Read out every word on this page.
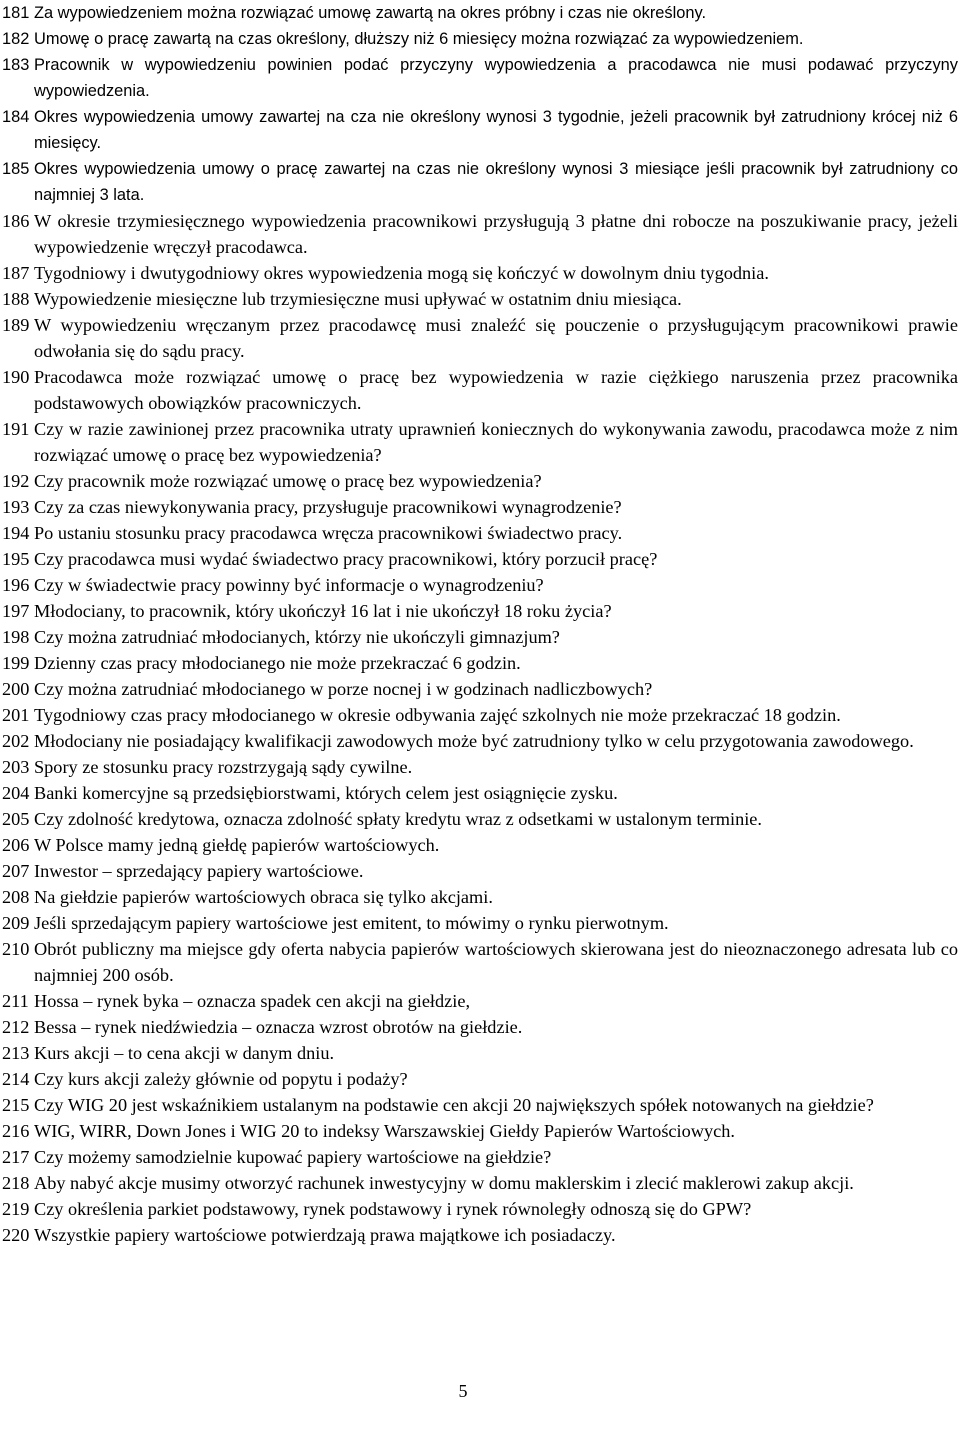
181 Za wypowiedzeniem można rozwiązać umowę zawartą na okres próbny i czas nie określony.
182 Umowę o pracę zawartą na czas określony, dłuższy niż 6 miesięcy można rozwiązać za wypowiedzeniem.
183 Pracownik w wypowiedzeniu powinien podać przyczyny wypowiedzenia a pracodawca nie musi podawać przyczyny wypowiedzenia.
184 Okres wypowiedzenia umowy zawartej na cza nie określony wynosi 3 tygodnie, jeżeli pracownik był zatrudniony krócej niż 6 miesięcy.
185 Okres wypowiedzenia umowy o pracę zawartej na czas nie określony wynosi 3 miesiące jeśli pracownik był zatrudniony co najmniej 3 lata.
186 W okresie trzymiesięcznego wypowiedzenia pracownikowi przysługują 3 płatne dni robocze na poszukiwanie pracy, jeżeli wypowiedzenie wręczył pracodawca.
187 Tygodniowy i dwutygodniowy okres wypowiedzenia mogą się kończyć w dowolnym dniu tygodnia.
188 Wypowiedzenie miesięczne lub trzymiesięczne musi upływać w ostatnim dniu miesiąca.
189 W wypowiedzeniu wręczanym przez pracodawcę musi znaleźć się pouczenie o przysługującym pracownikowi prawie odwołania się do sądu pracy.
190 Pracodawca może rozwiązać umowę o pracę bez wypowiedzenia w razie ciężkiego naruszenia przez pracownika podstawowych obowiązków pracowniczych.
191 Czy w razie zawinionej przez pracownika utraty uprawnień koniecznych do wykonywania zawodu, pracodawca może z nim rozwiązać umowę o pracę bez wypowiedzenia?
192 Czy pracownik może rozwiązać umowę o pracę bez wypowiedzenia?
193 Czy za czas niewykonywania pracy, przysługuje pracownikowi wynagrodzenie?
194 Po ustaniu stosunku pracy pracodawca wręcza pracownikowi świadectwo pracy.
195 Czy pracodawca musi wydać świadectwo pracy pracownikowi, który porzucił pracę?
196 Czy w świadectwie pracy powinny być informacje o wynagrodzeniu?
197 Młodociany, to pracownik, który ukończył 16 lat i nie ukończył 18 roku życia?
198 Czy można zatrudniać młodocianych, którzy nie ukończyli gimnazjum?
199 Dzienny czas pracy młodocianego nie może przekraczać 6 godzin.
200 Czy można zatrudniać młodocianego w porze nocnej i w godzinach nadliczbowych?
201 Tygodniowy czas pracy młodocianego w okresie odbywania zajęć szkolnych nie może przekraczać 18 godzin.
202 Młodociany nie posiadający kwalifikacji zawodowych może być zatrudniony tylko w celu przygotowania zawodowego.
203 Spory ze stosunku pracy rozstrzygają sądy cywilne.
204 Banki komercyjne są przedsiębiorstwami, których celem jest osiągnięcie zysku.
205 Czy zdolność kredytowa, oznacza zdolność spłaty kredytu wraz z odsetkami w ustalonym terminie.
206 W Polsce mamy jedną giełdę papierów wartościowych.
207 Inwestor – sprzedający papiery wartościowe.
208 Na giełdzie papierów wartościowych obraca się tylko akcjami.
209 Jeśli sprzedającym papiery wartościowe jest emitent, to mówimy o rynku pierwotnym.
210 Obrót publiczny ma miejsce gdy oferta nabycia papierów wartościowych skierowana jest do nieoznaczonego adresata lub co najmniej 200 osób.
211 Hossa – rynek byka – oznacza spadek cen akcji na giełdzie,
212 Bessa – rynek niedźwiedzia – oznacza wzrost obrotów na giełdzie.
213 Kurs akcji – to cena akcji w danym dniu.
214 Czy kurs akcji zależy głównie od popytu i podaży?
215 Czy WIG 20 jest wskaźnikiem ustalanym na podstawie cen akcji 20 największych spółek notowanych na giełdzie?
216 WIG, WIRR, Down Jones i WIG 20 to indeksy Warszawskiej Giełdy Papierów Wartościowych.
217 Czy możemy samodzielnie kupować papiery wartościowe na giełdzie?
218 Aby nabyć akcje musimy otworzyć rachunek inwestycyjny w domu maklerskim i zlecić maklerowi zakup akcji.
219 Czy określenia parkiet podstawowy, rynek podstawowy i rynek równoległy odnoszą się do GPW?
220 Wszystkie papiery wartościowe potwierdzają prawa majątkowe ich posiadaczy.
5
